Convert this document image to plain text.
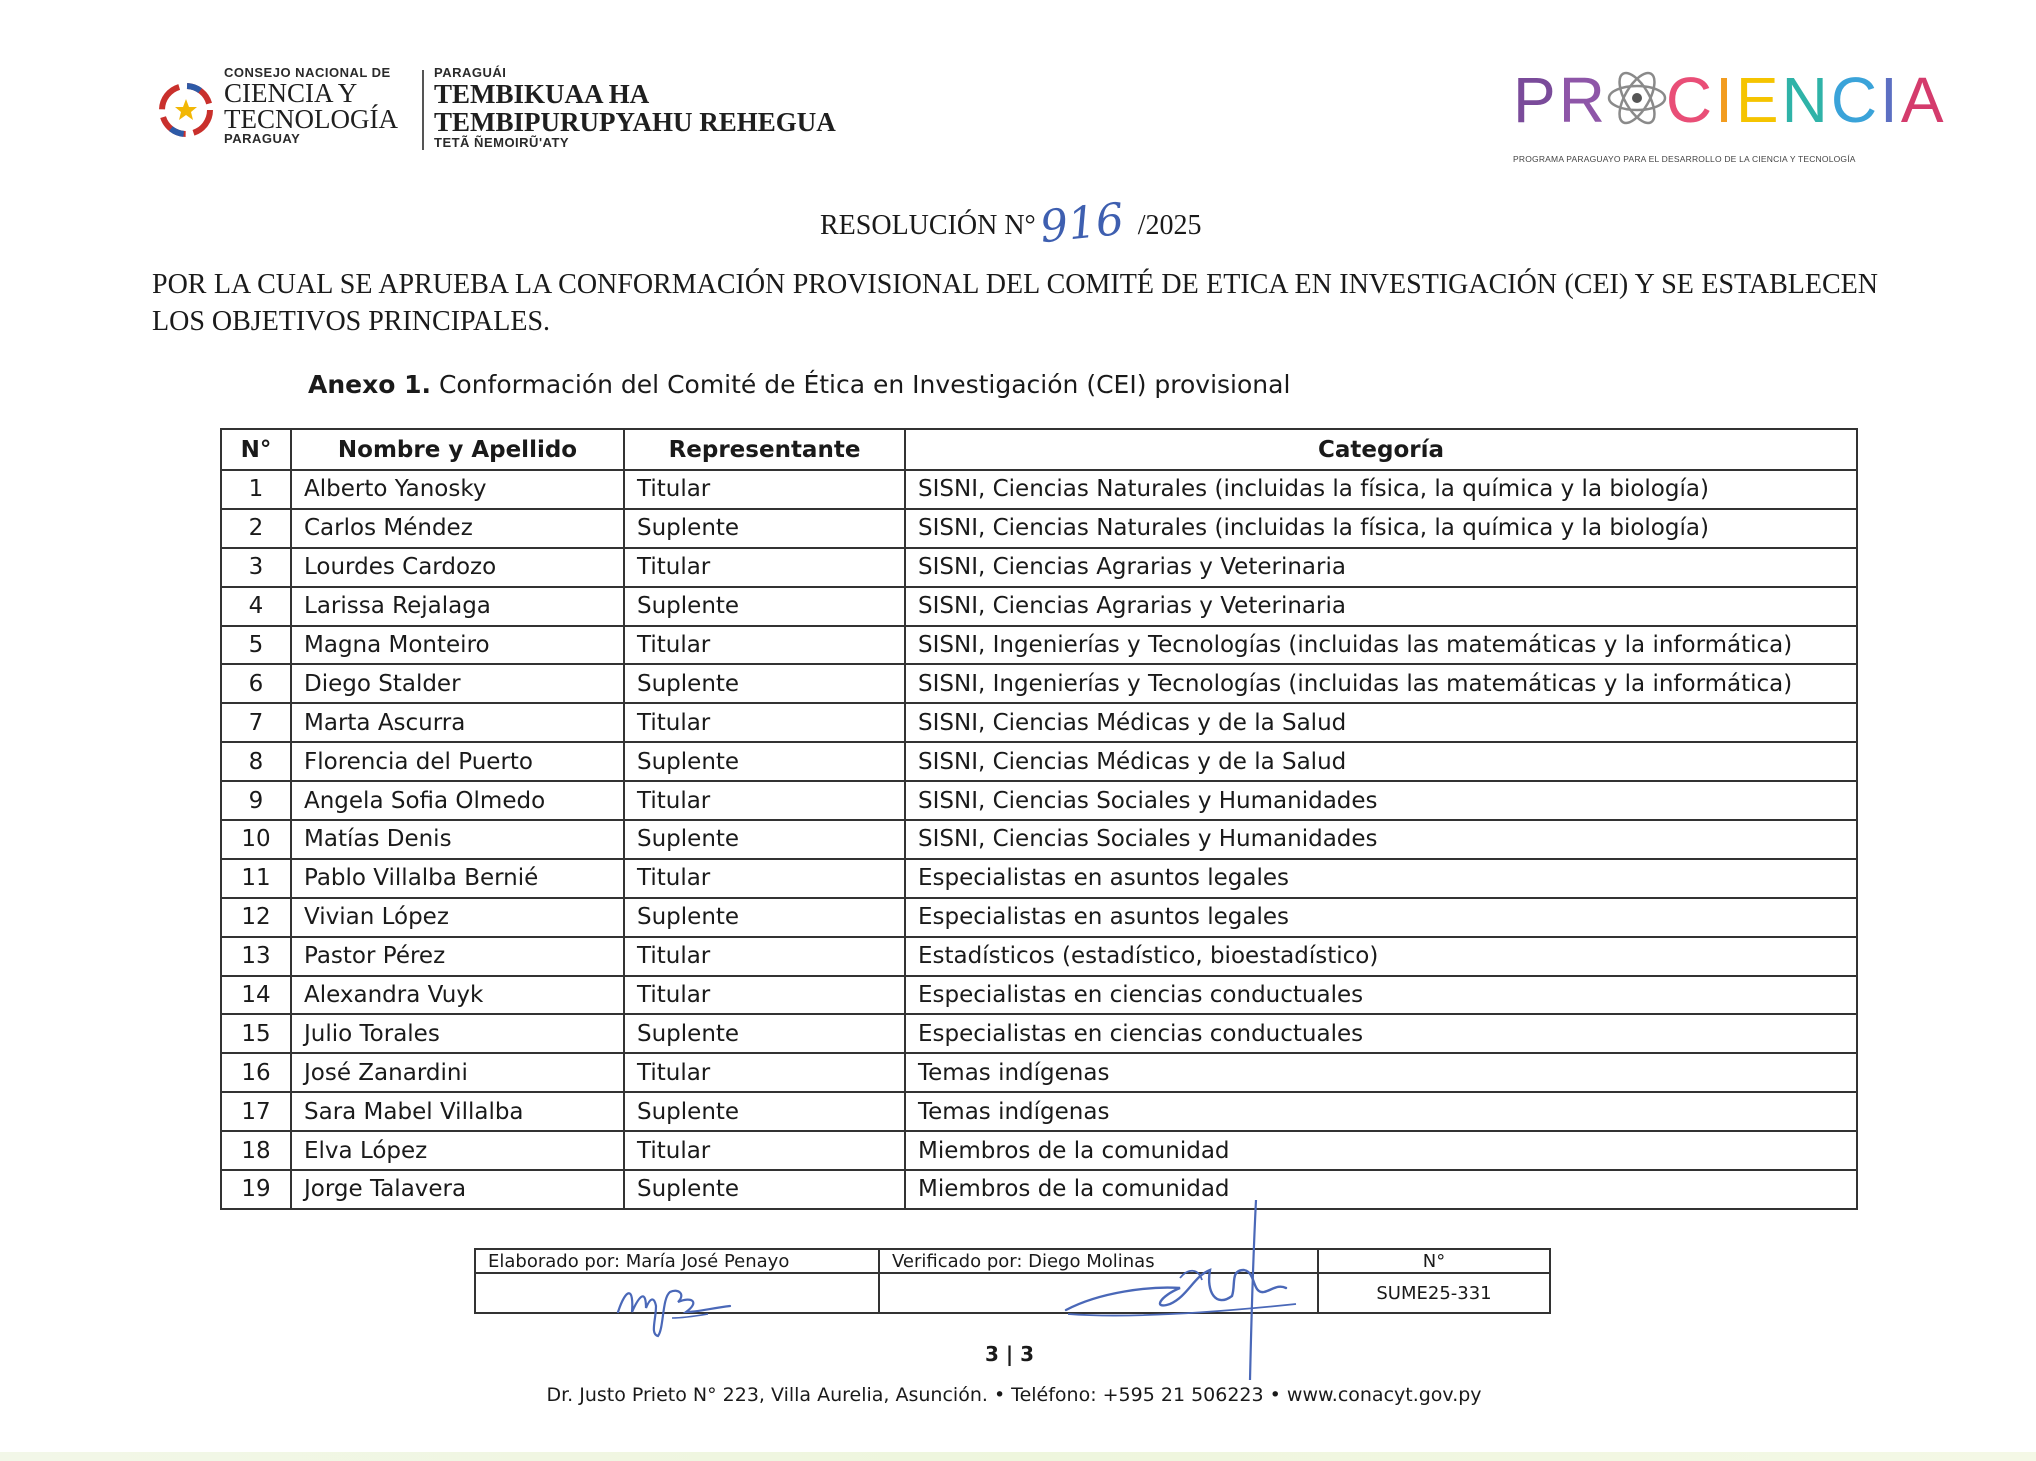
CONSEJO NACIONAL DE
CIENCIA Y
TECNOLOGÍA
PARAGUAY
PARAGUÁI
TEMBIKUAA HA
TEMBIPURUPYAHU REHEGUA
TETÃ ÑEMOIRŨ'ATY
PR CIENCIA
PROGRAMA PARAGUAYO PARA EL DESARROLLO DE LA CIENCIA Y TECNOLOGÍA
RESOLUCIÓN N°916 /2025
POR LA CUAL SE APRUEBA LA CONFORMACIÓN PROVISIONAL DEL COMITÉ DE ETICA EN INVESTIGACIÓN (CEI) Y SE ESTABLECEN LOS OBJETIVOS PRINCIPALES.
Anexo 1. Conformación del Comité de Ética en Investigación (CEI) provisional
N°	Nombre y Apellido	Representante	Categoría
1	Alberto Yanosky	Titular	SISNI, Ciencias Naturales (incluidas la física, la química y la biología)
2	Carlos Méndez	Suplente	SISNI, Ciencias Naturales (incluidas la física, la química y la biología)
3	Lourdes Cardozo	Titular	SISNI, Ciencias Agrarias y Veterinaria
4	Larissa Rejalaga	Suplente	SISNI, Ciencias Agrarias y Veterinaria
5	Magna Monteiro	Titular	SISNI, Ingenierías y Tecnologías (incluidas las matemáticas y la informática)
6	Diego Stalder	Suplente	SISNI, Ingenierías y Tecnologías (incluidas las matemáticas y la informática)
7	Marta Ascurra	Titular	SISNI, Ciencias Médicas y de la Salud
8	Florencia del Puerto	Suplente	SISNI, Ciencias Médicas y de la Salud
9	Angela Sofia Olmedo	Titular	SISNI, Ciencias Sociales y Humanidades
10	Matías Denis	Suplente	SISNI, Ciencias Sociales y Humanidades
11	Pablo Villalba Bernié	Titular	Especialistas en asuntos legales
12	Vivian López	Suplente	Especialistas en asuntos legales
13	Pastor Pérez	Titular	Estadísticos (estadístico, bioestadístico)
14	Alexandra Vuyk	Titular	Especialistas en ciencias conductuales
15	Julio Torales	Suplente	Especialistas en ciencias conductuales
16	José Zanardini	Titular	Temas indígenas
17	Sara Mabel Villalba	Suplente	Temas indígenas
18	Elva López	Titular	Miembros de la comunidad
19	Jorge Talavera	Suplente	Miembros de la comunidad
Elaborado por: María José Penayo	Verificado por: Diego Molinas	N°
		SUME25-331
3 | 3
Dr. Justo Prieto N° 223, Villa Aurelia, Asunción. • Teléfono: +595 21 506223 • www.conacyt.gov.py
